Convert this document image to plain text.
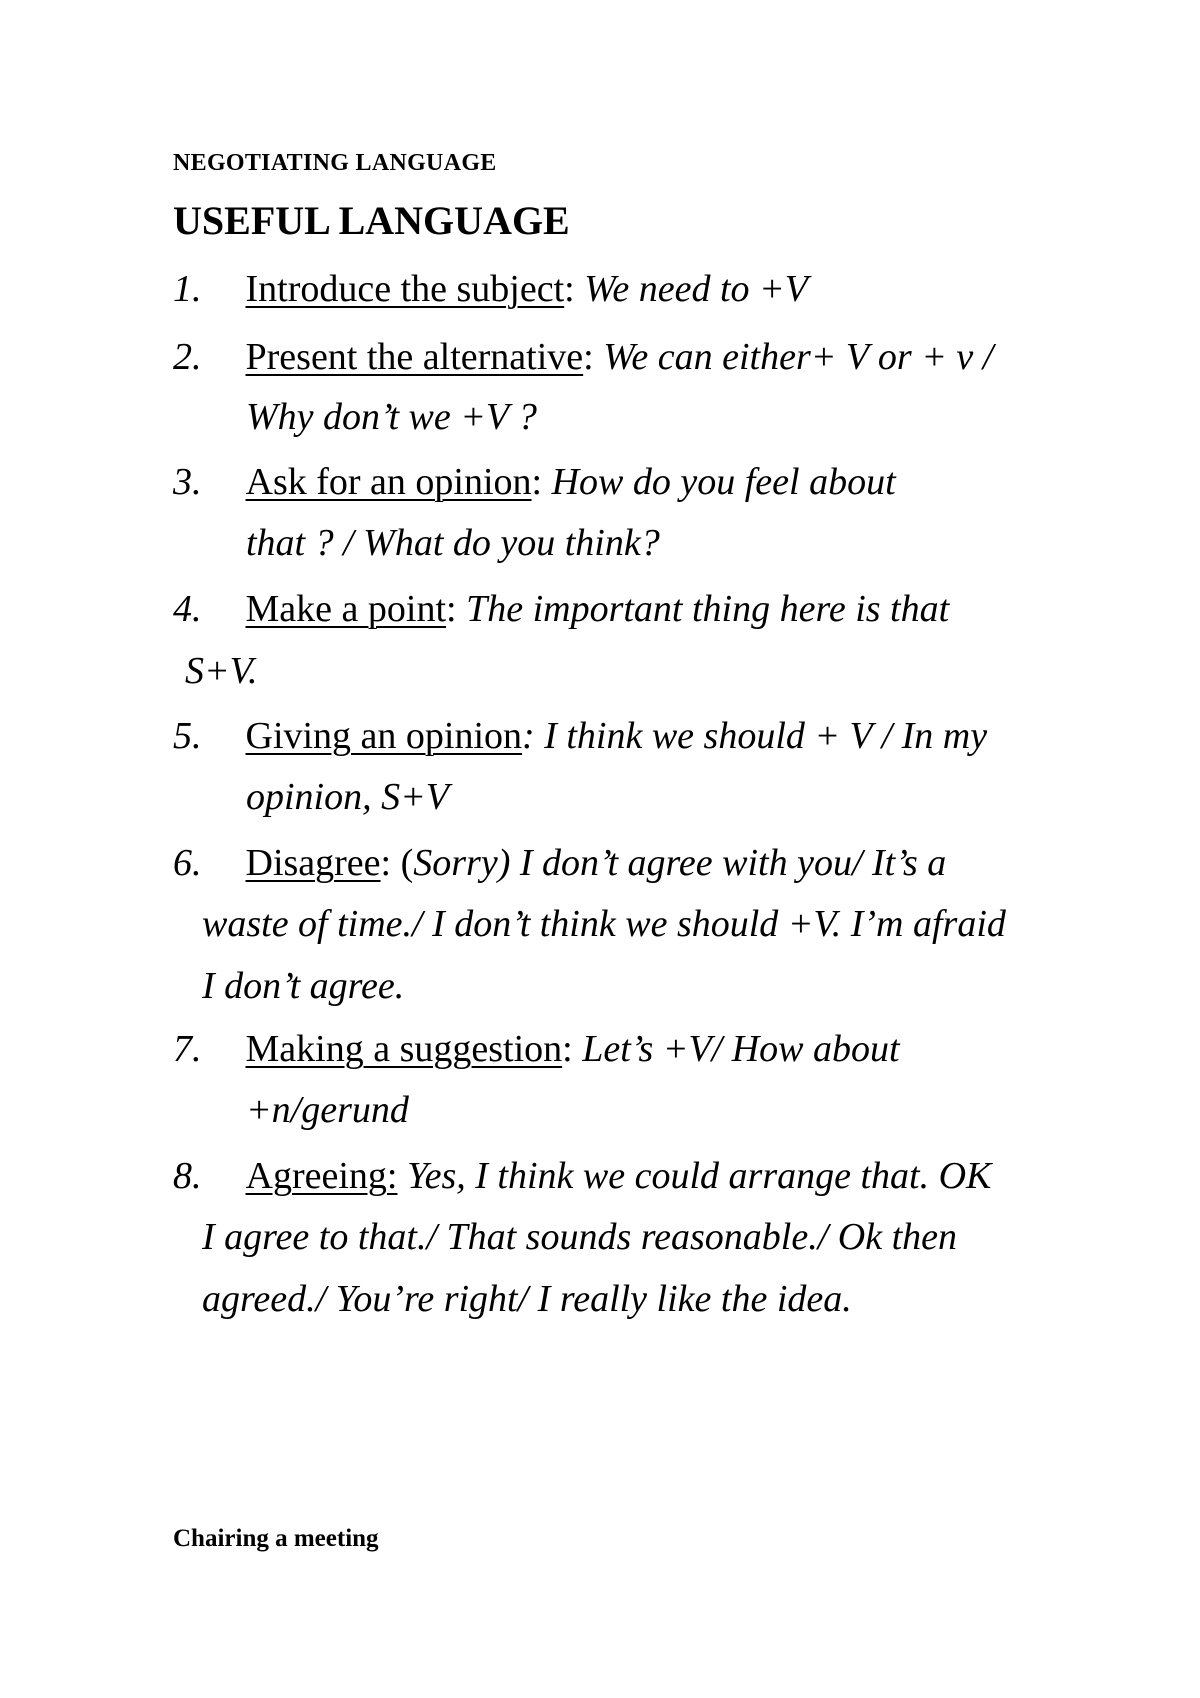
NEGOTIATING LANGUAGE
USEFUL LANGUAGE
1. Introduce the subject: We need to +V
2. Present the alternative: We can either+ V or + v /
Why don’t we +V ?
3. Ask for an opinion: How do you feel about
that ? / What do you think?
4. Make a point: The important thing here is that
S+V.
5. Giving an opinion: I think we should + V / In my
opinion, S+V
6. Disagree: (Sorry) I don’t agree with you/ It’s a
waste of time./ I don’t think we should +V. I’m afraid
I don’t agree.
7. Making a suggestion: Let’s +V/ How about
+n/gerund
8. Agreeing: Yes, I think we could arrange that. OK
I agree to that./ That sounds reasonable./ Ok then
agreed./ You’re right/ I really like the idea.
Chairing a meeting
